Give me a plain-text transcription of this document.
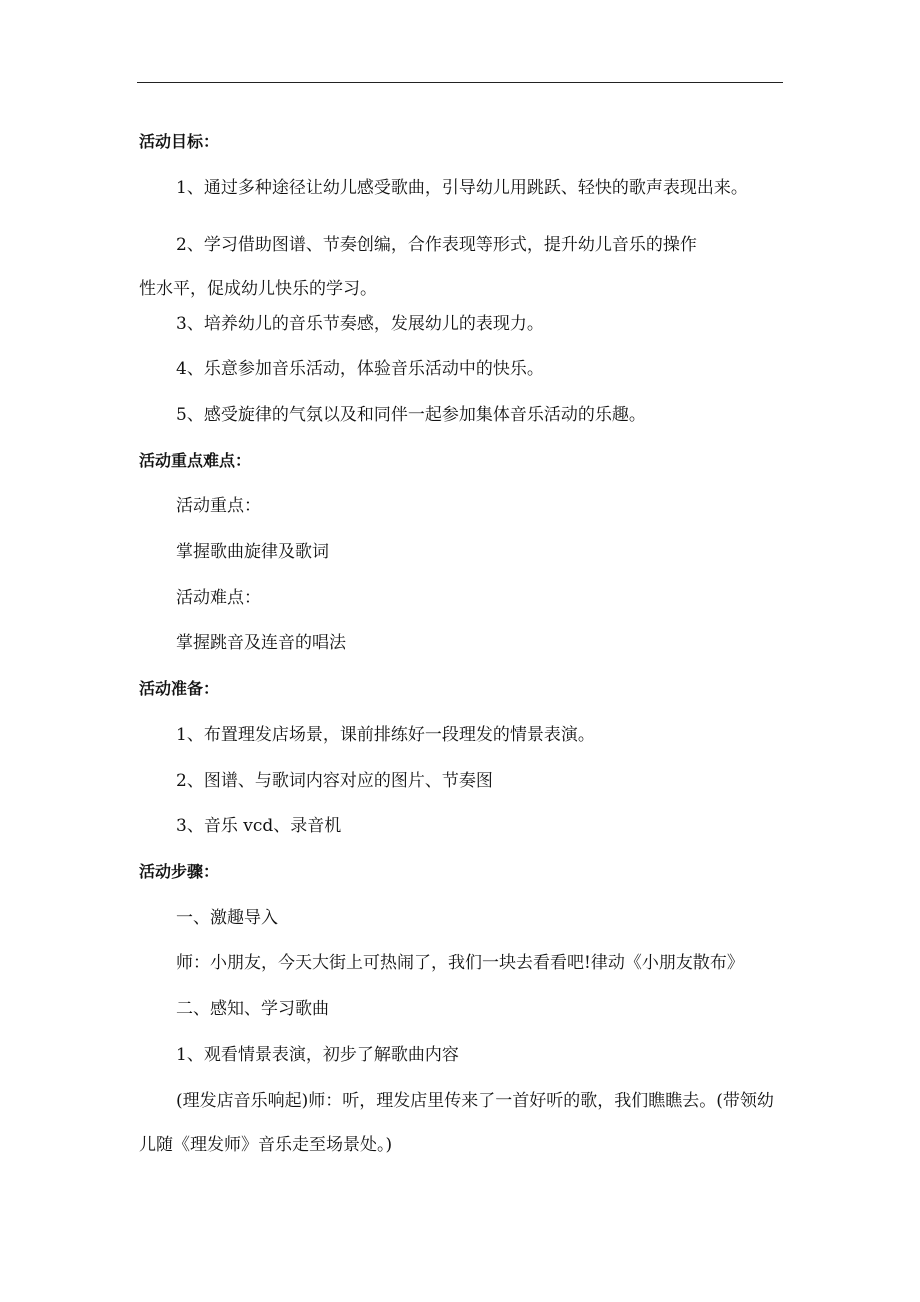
活动目标：
1、通过多种途径让幼儿感受歌曲，引导幼儿用跳跃、轻快的歌声表现出来。
2、学习借助图谱、节奏创编，合作表现等形式，提升幼儿音乐的操作性水平，促成幼儿快乐的学习。
3、培养幼儿的音乐节奏感，发展幼儿的表现力。
4、乐意参加音乐活动，体验音乐活动中的快乐。
5、感受旋律的气氛以及和同伴一起参加集体音乐活动的乐趣。
活动重点难点：
活动重点：
掌握歌曲旋律及歌词
活动难点：
掌握跳音及连音的唱法
活动准备：
1、布置理发店场景，课前排练好一段理发的情景表演。
2、图谱、与歌词内容对应的图片、节奏图
3、音乐 vcd、录音机
活动步骤：
一、激趣导入
师：小朋友，今天大街上可热闹了，我们一块去看看吧!律动《小朋友散布》
二、感知、学习歌曲
1、观看情景表演，初步了解歌曲内容
(理发店音乐响起)师：听，理发店里传来了一首好听的歌，我们瞧瞧去。(带领幼儿随《理发师》音乐走至场景处。)
